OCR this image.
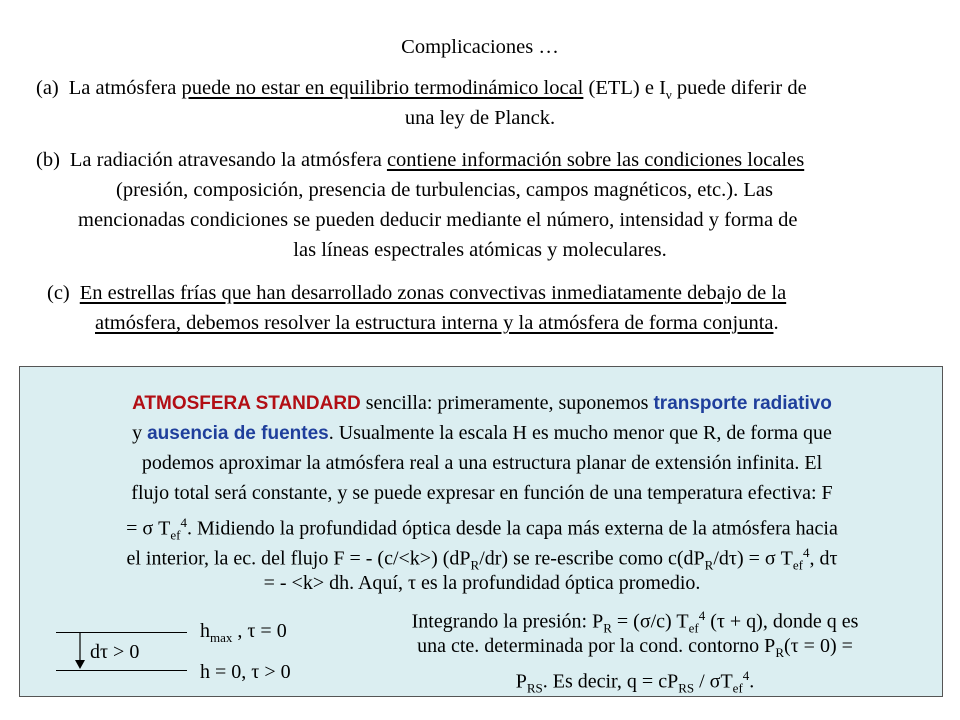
Complicaciones …
(a) La atmósfera puede no estar en equilibrio termodinámico local (ETL) e $I_\nu$ puede diferir de
una ley de Planck.
(b) La radiación atravesando la atmósfera contiene información sobre las condiciones locales
(presión, composición, presencia de turbulencias, campos magnéticos, etc.). Las
mencionadas condiciones se pueden deducir mediante el número, intensidad y forma de
las líneas espectrales atómicas y moleculares.
(c) En estrellas frías que han desarrollado zonas convectivas inmediatamente debajo de la
atmósfera, debemos resolver la estructura interna y la atmósfera de forma conjunta.
ATMOSFERA STANDARD sencilla: primeramente, suponemos transporte radiativo
y ausencia de fuentes. Usualmente la escala H es mucho menor que R, de forma que
podemos aproximar la atmósfera real a una estructura planar de extensión infinita. El
flujo total será constante, y se puede expresar en función de una temperatura efectiva: F
= σ $T_{ef}^4$. Midiendo la profundidad óptica desde la capa más externa de la atmósfera hacia
el interior, la ec. del flujo F = - (c/<k>) $(dP_R/dr)$ se re-escribe como $c(dP_R/d\tau) = \sigma$ $T_{ef}^4$, dτ
= - <k> dh. Aquí, τ es la profundidad óptica promedio.
dτ > 0
$h_{max}$ , τ = 0
h = 0, τ > 0
Integrando la presión: $P_R = (\sigma/c)$ $T_{ef}^4$ (τ + q), donde q es
una cte. determinada por la cond. contorno $P_R(\tau = 0)$ =
$P_{RS}$. Es decir, $q = cP_{RS} / \sigma T_{ef}^4$.
